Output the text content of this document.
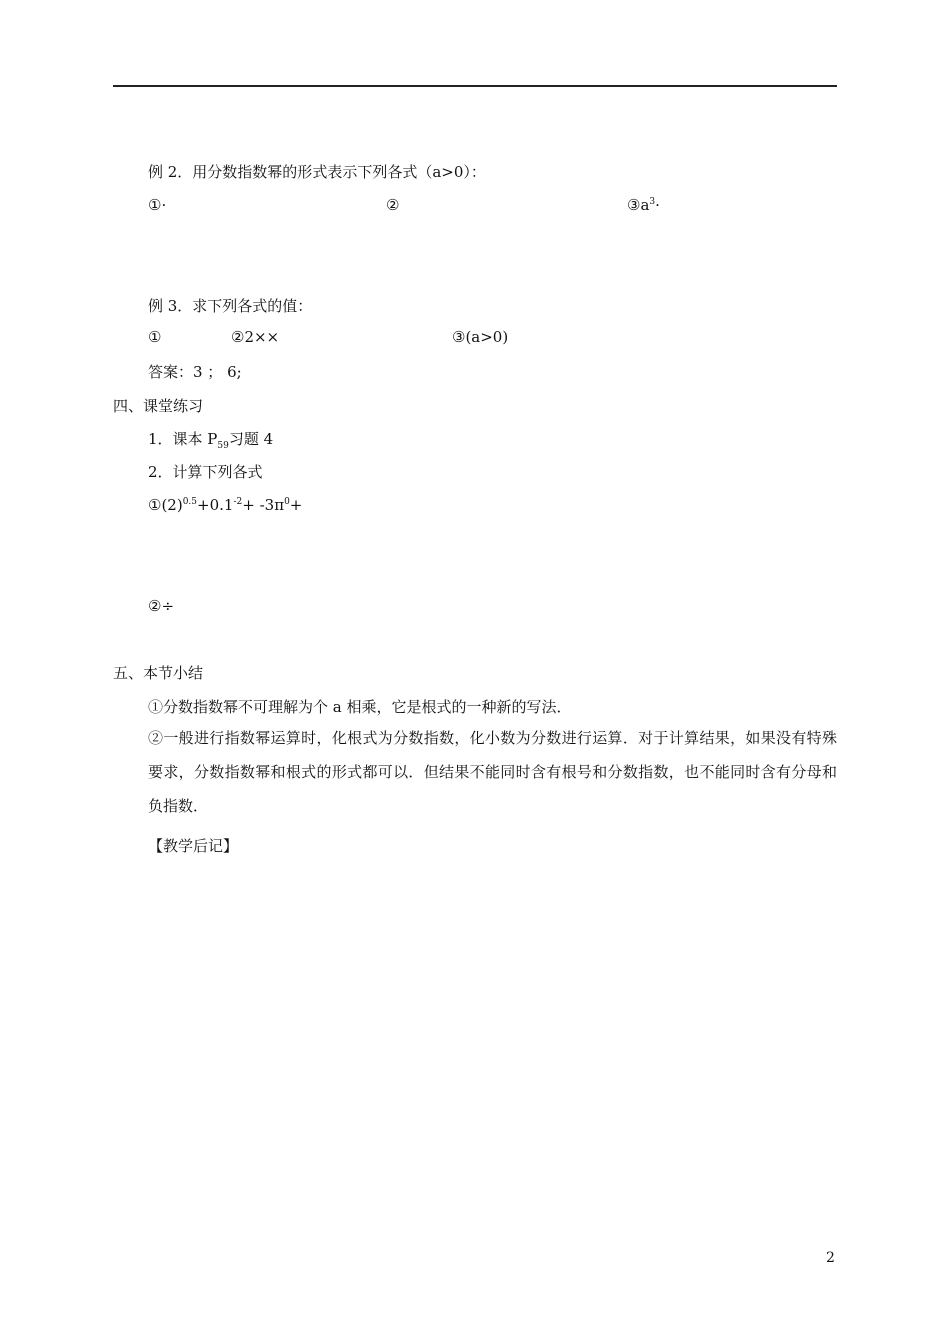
例 2．用分数指数幂的形式表示下列各式（a>0）：
①·	②	$③a^3\cdot$
例 3．求下列各式的值：
①	②2××	③(a>0)
答案：3 ； 6;
四、课堂练习
1．课本 $P_{59}$习题 4
2．计算下列各式
$①(2)^{0.5}+0.1^{-2}+ -3\pi^0+$
②÷
五、本节小结
①分数指数幂不可理解为个 a 相乘，它是根式的一种新的写法．
②一般进行指数幂运算时，化根式为分数指数，化小数为分数进行运算．对于计算结果，如果没有特殊要求，分数指数幂和根式的形式都可以．但结果不能同时含有根号和分数指数，也不能同时含有分母和负指数．
【教学后记】
2
